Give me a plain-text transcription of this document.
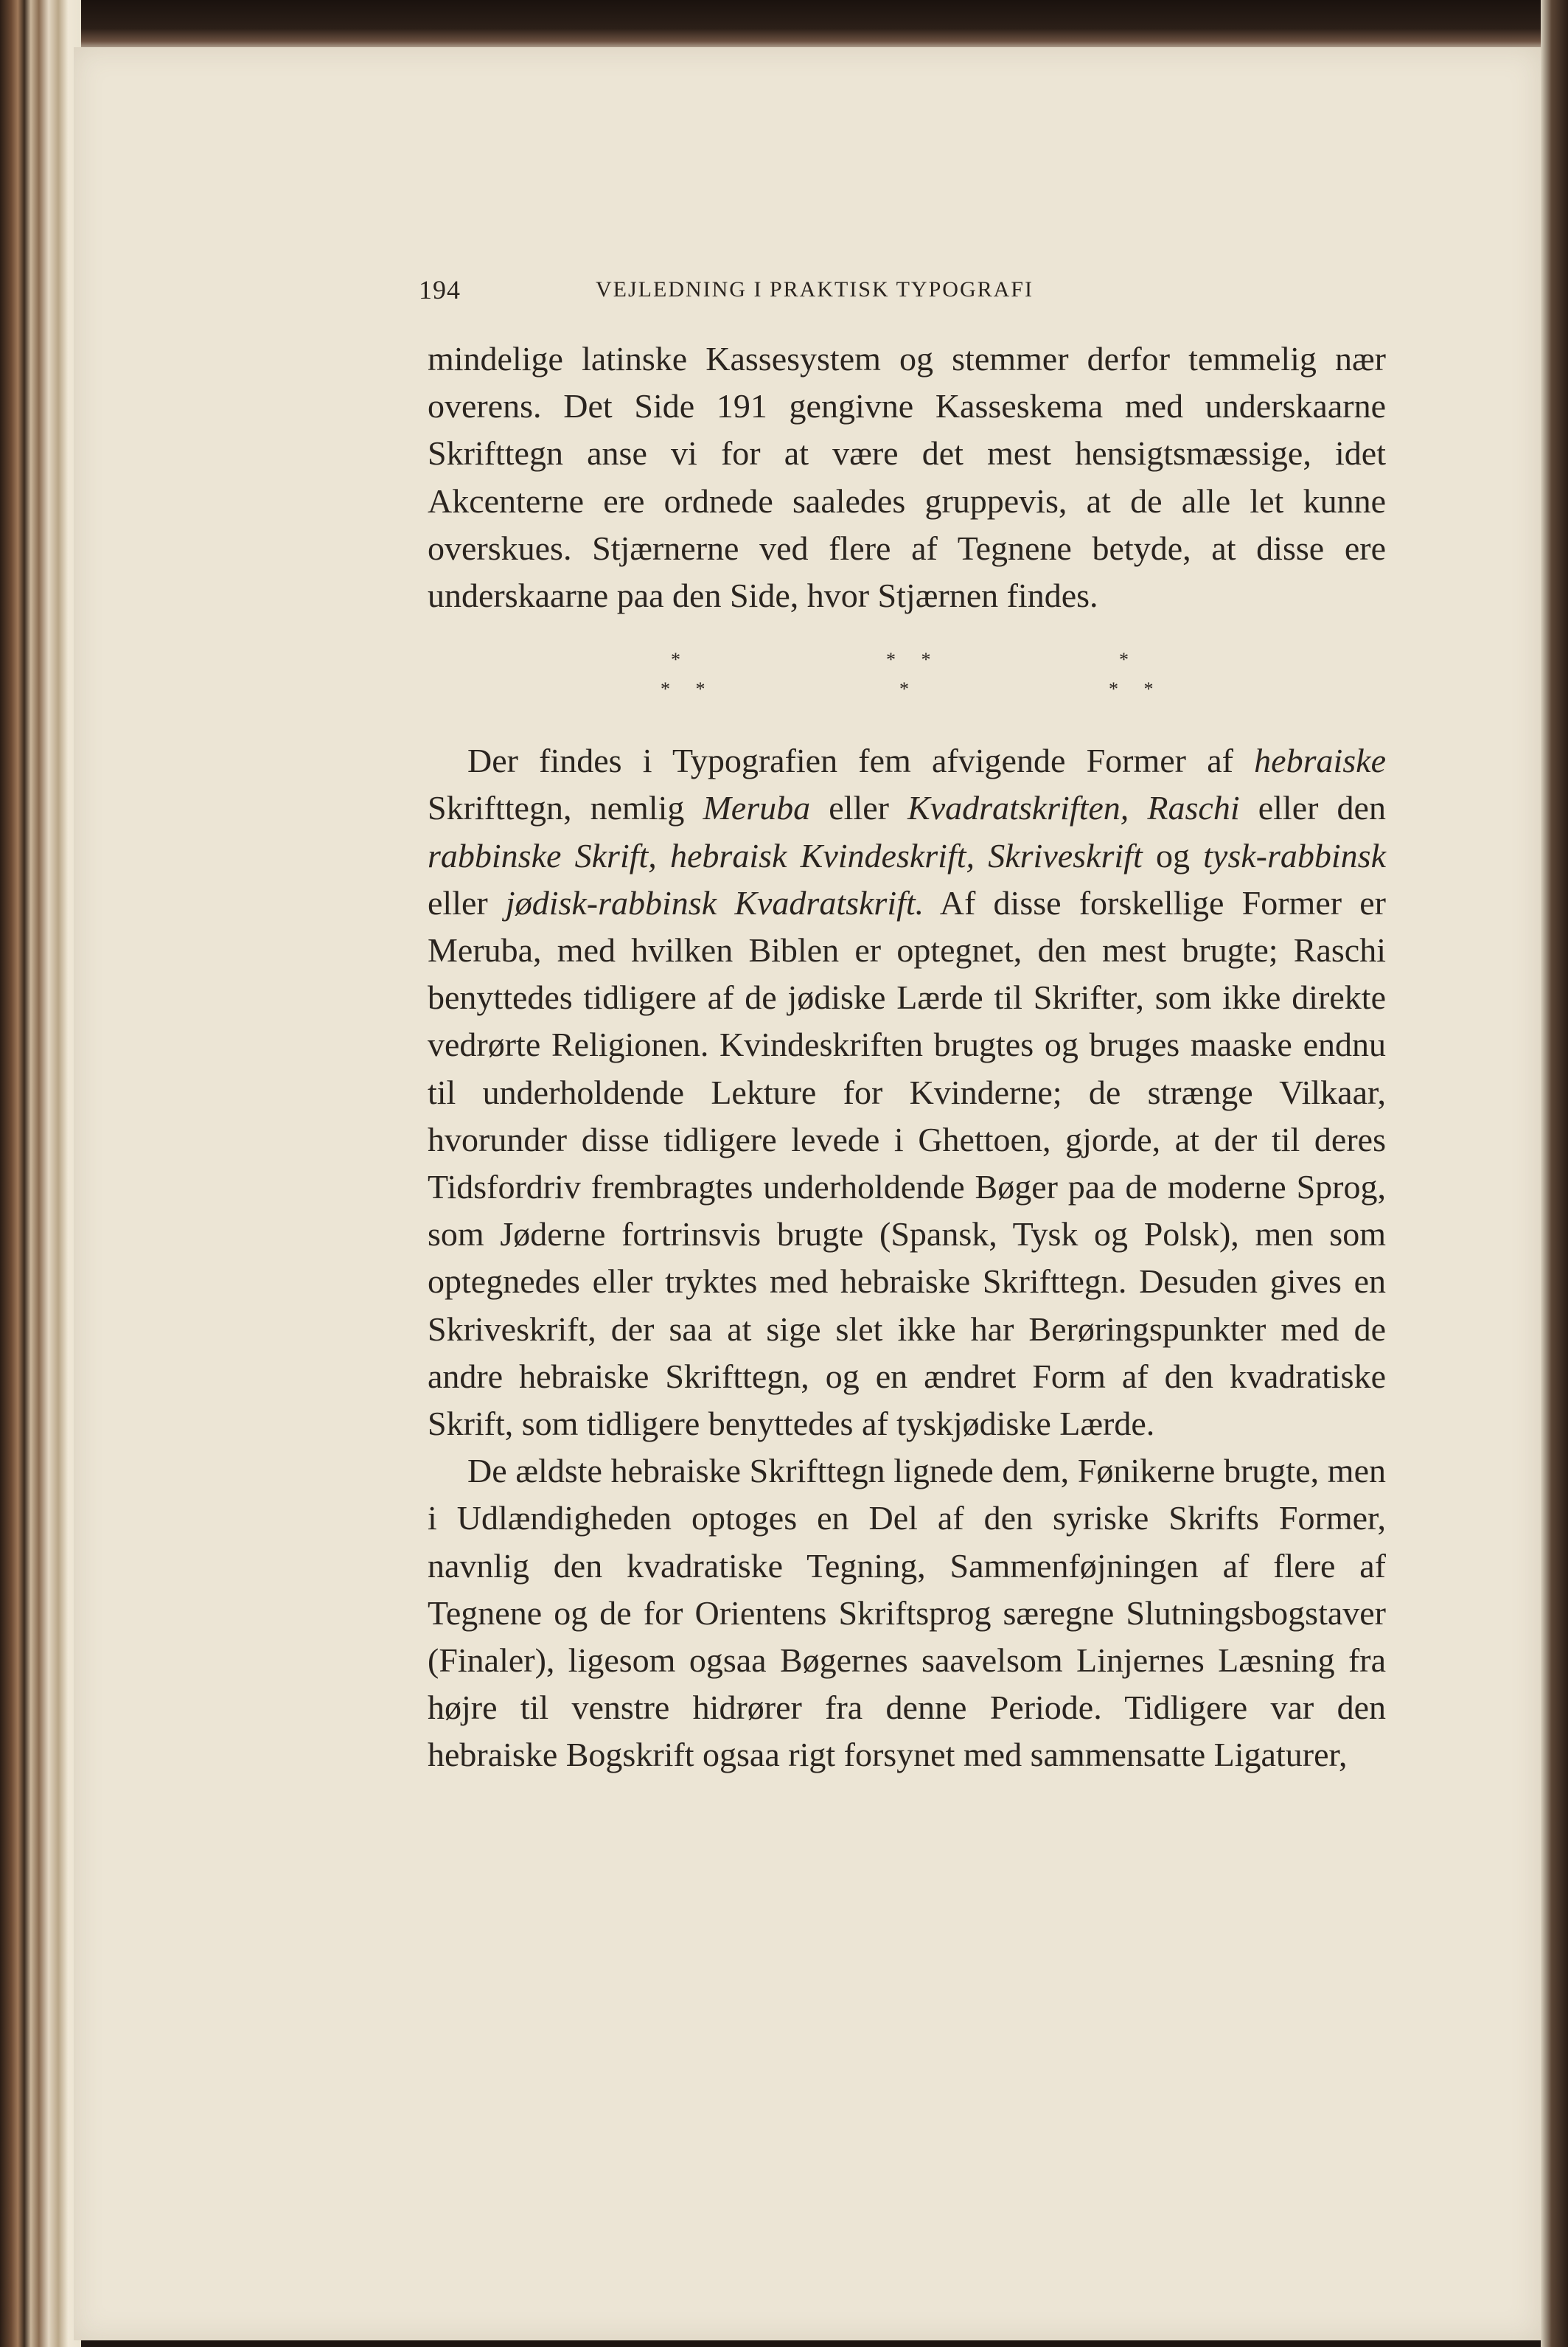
194	VEJLEDNING I PRAKTISK TYPOGRAFI

mindelige latinske Kassesystem og stemmer derfor temmelig nær overens. Det Side 191 gengivne Kasseskema med underskaarne Skrifttegn anse vi for at være det mest hensigtsmæssige, idet Akcenterne ere ordnede saaledes gruppevis, at de alle let kunne overskues. Stjærnerne ved flere af Tegnene betyde, at disse ere underskaarne paa den Side, hvor Stjærnen findes.

*	* *	*
* *	*	* *

Der findes i Typografien fem afvigende Former af hebraiske Skrifttegn, nemlig Meruba eller Kvadratskriften, Raschi eller den rabbinske Skrift, hebraisk Kvindeskrift, Skriveskrift og tysk-rabbinsk eller jødisk-rabbinsk Kvadratskrift. Af disse forskellige Former er Meruba, med hvilken Biblen er optegnet, den mest brugte; Raschi benyttedes tidligere af de jødiske Lærde til Skrifter, som ikke direkte vedrørte Religionen. Kvindeskriften brugtes og bruges maaske endnu til underholdende Lekture for Kvinderne; de strænge Vilkaar, hvorunder disse tidligere levede i Ghettoen, gjorde, at der til deres Tidsfordriv frembragtes underholdende Bøger paa de moderne Sprog, som Jøderne fortrinsvis brugte (Spansk, Tysk og Polsk), men som optegnedes eller tryktes med hebraiske Skrifttegn. Desuden gives en Skriveskrift, der saa at sige slet ikke har Berøringspunkter med de andre hebraiske Skrifttegn, og en ændret Form af den kvadratiske Skrift, som tidligere benyttedes af tyskjødiske Lærde.

De ældste hebraiske Skrifttegn lignede dem, Fønikerne brugte, men i Udlændigheden optoges en Del af den syriske Skrifts Former, navnlig den kvadratiske Tegning, Sammenføjningen af flere af Tegnene og de for Orientens Skriftsprog særegne Slutningsbogstaver (Finaler), ligesom ogsaa Bøgernes saavelsom Linjernes Læsning fra højre til venstre hidrører fra denne Periode. Tidligere var den hebraiske Bogskrift ogsaa rigt forsynet med sammensatte Ligaturer,
